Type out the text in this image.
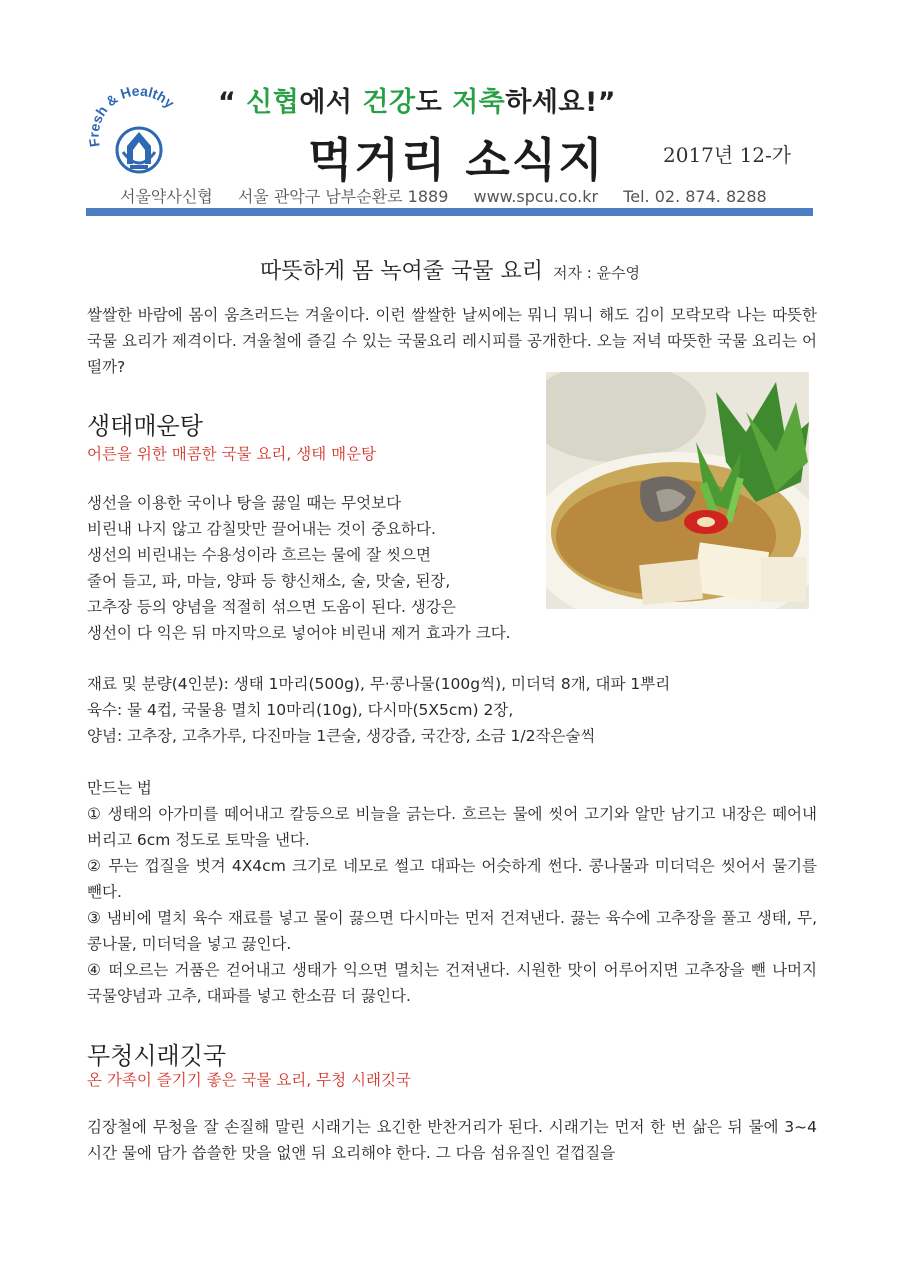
Fresh & Healthy “ 신협에서 건강도 저축하세요!”
먹거리 소식지	2017년 12-가
서울약사신협 서울 관악구 남부순환로 1889 www.spcu.co.kr Tel. 02. 874. 8288
따뜻하게 몸 녹여줄 국물 요리 저자 : 윤수영

쌀쌀한 바람에 몸이 움츠러드는 겨울이다. 이런 쌀쌀한 날씨에는 뭐니 뭐니 해도 김이 모락모락 나는 따뜻한 국물 요리가 제격이다. 겨울철에 즐길 수 있는 국물요리 레시피를 공개한다. 오늘 저녁 따뜻한 국물 요리는 어떨까?

생태매운탕
어른을 위한 매콤한 국물 요리, 생태 매운탕
생선을 이용한 국이나 탕을 끓일 때는 무엇보다
비린내 나지 않고 감칠맛만 끌어내는 것이 중요하다.
생선의 비린내는 수용성이라 흐르는 물에 잘 씻으면
줄어 들고, 파, 마늘, 양파 등 향신채소, 술, 맛술, 된장,
고추장 등의 양념을 적절히 섞으면 도움이 된다. 생강은
생선이 다 익은 뒤 마지막으로 넣어야 비린내 제거 효과가 크다.
재료 및 분량(4인분): 생태 1마리(500g), 무·콩나물(100g씩), 미더덕 8개, 대파 1뿌리
육수: 물 4컵, 국물용 멸치 10마리(10g), 다시마(5X5cm) 2장,
양념: 고추장, 고추가루, 다진마늘 1큰술, 생강즙, 국간장, 소금 1/2작은술씩
만드는 법

① 생태의 아가미를 떼어내고 칼등으로 비늘을 긁는다. 흐르는 물에 씻어 고기와 알만 남기고 내장은 떼어내 버리고 6cm 정도로 토막을 낸다.

② 무는 껍질을 벗겨 4X4cm 크기로 네모로 썰고 대파는 어슷하게 썬다. 콩나물과 미더덕은 씻어서 물기를 뺀다.

③ 냄비에 멸치 육수 재료를 넣고 물이 끓으면 다시마는 먼저 건져낸다. 끓는 육수에 고추장을 풀고 생태, 무, 콩나물, 미더덕을 넣고 끓인다.

④ 떠오르는 거품은 걷어내고 생태가 익으면 멸치는 건져낸다. 시원한 맛이 어루어지면 고추장을 뺀 나머지 국물양념과 고추, 대파를 넣고 한소끔 더 끓인다.

무청시래깃국
온 가족이 즐기기 좋은 국물 요리, 무청 시래깃국

김장철에 무청을 잘 손질해 말린 시래기는 요긴한 반찬거리가 된다. 시래기는 먼저 한 번 삶은 뒤 물에 3~4시간 물에 담가 씁쓸한 맛을 없앤 뒤 요리해야 한다. 그 다음 섬유질인 겉껍질을
